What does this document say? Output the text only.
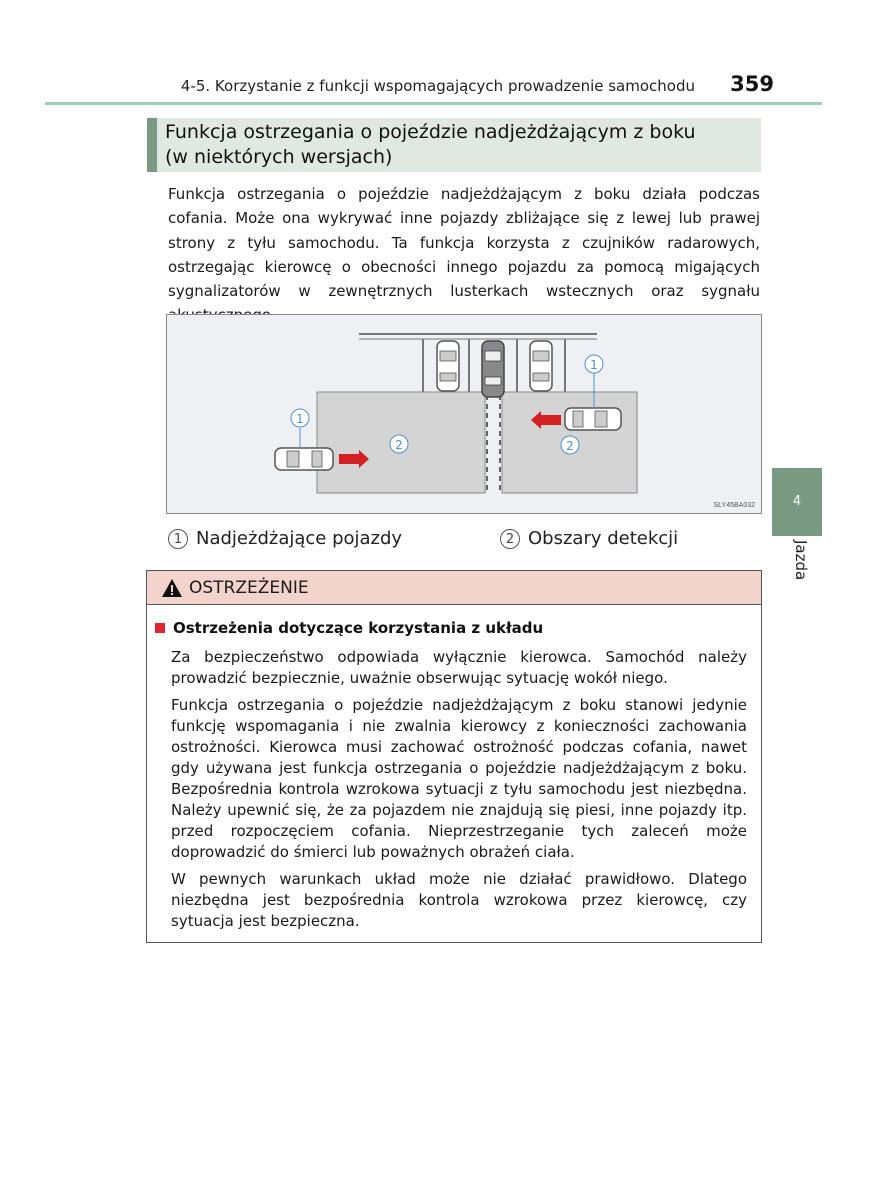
4-5. Korzystanie z funkcji wspomagających prowadzenie samochodu	359
Funkcja ostrzegania o pojeździe nadjeżdżającym z boku
(w niektórych wersjach)
Funkcja ostrzegania o pojeździe nadjeżdżającym z boku działa podczas cofania. Może ona wykrywać inne pojazdy zbliżające się z lewej lub prawej strony z tyłu samochodu. Ta funkcja korzysta z czujników radarowych, ostrzegając kierowcę o obecności innego pojazdu za pomocą migających sygnalizatorów w zewnętrznych lusterkach wstecznych oraz sygnału
1
2
1
2
SLY45BA032
1 Nadjeżdżające pojazdy	2 Obszary detekcji
OSTRZEŻENIE
Ostrzeżenia dotyczące korzystania z układu
Za bezpieczeństwo odpowiada wyłącznie kierowca. Samochód należy prowadzić bezpiecznie, uważnie obserwując sytuację wokół niego.
Funkcja ostrzegania o pojeździe nadjeżdżającym z boku stanowi jedynie funkcję wspomagania i nie zwalnia kierowcy z konieczności zachowania ostrożności. Kierowca musi zachować ostrożność podczas cofania, nawet gdy używana jest funkcja ostrzegania o pojeździe nadjeżdżającym z boku. Bezpośrednia kontrola wzrokowa sytuacji z tyłu samochodu jest niezbędna. Należy upewnić się, że za pojazdem nie znajdują się piesi, inne pojazdy itp. przed rozpoczęciem cofania. Nieprzestrzeganie tych zaleceń może doprowadzić do śmierci lub poważnych obrażeń ciała.
W pewnych warunkach układ może nie działać prawidłowo. Dlatego niezbędna jest bezpośrednia kontrola wzrokowa przez kierowcę, czy sytuacja jest bezpieczna.
4
Jazda
